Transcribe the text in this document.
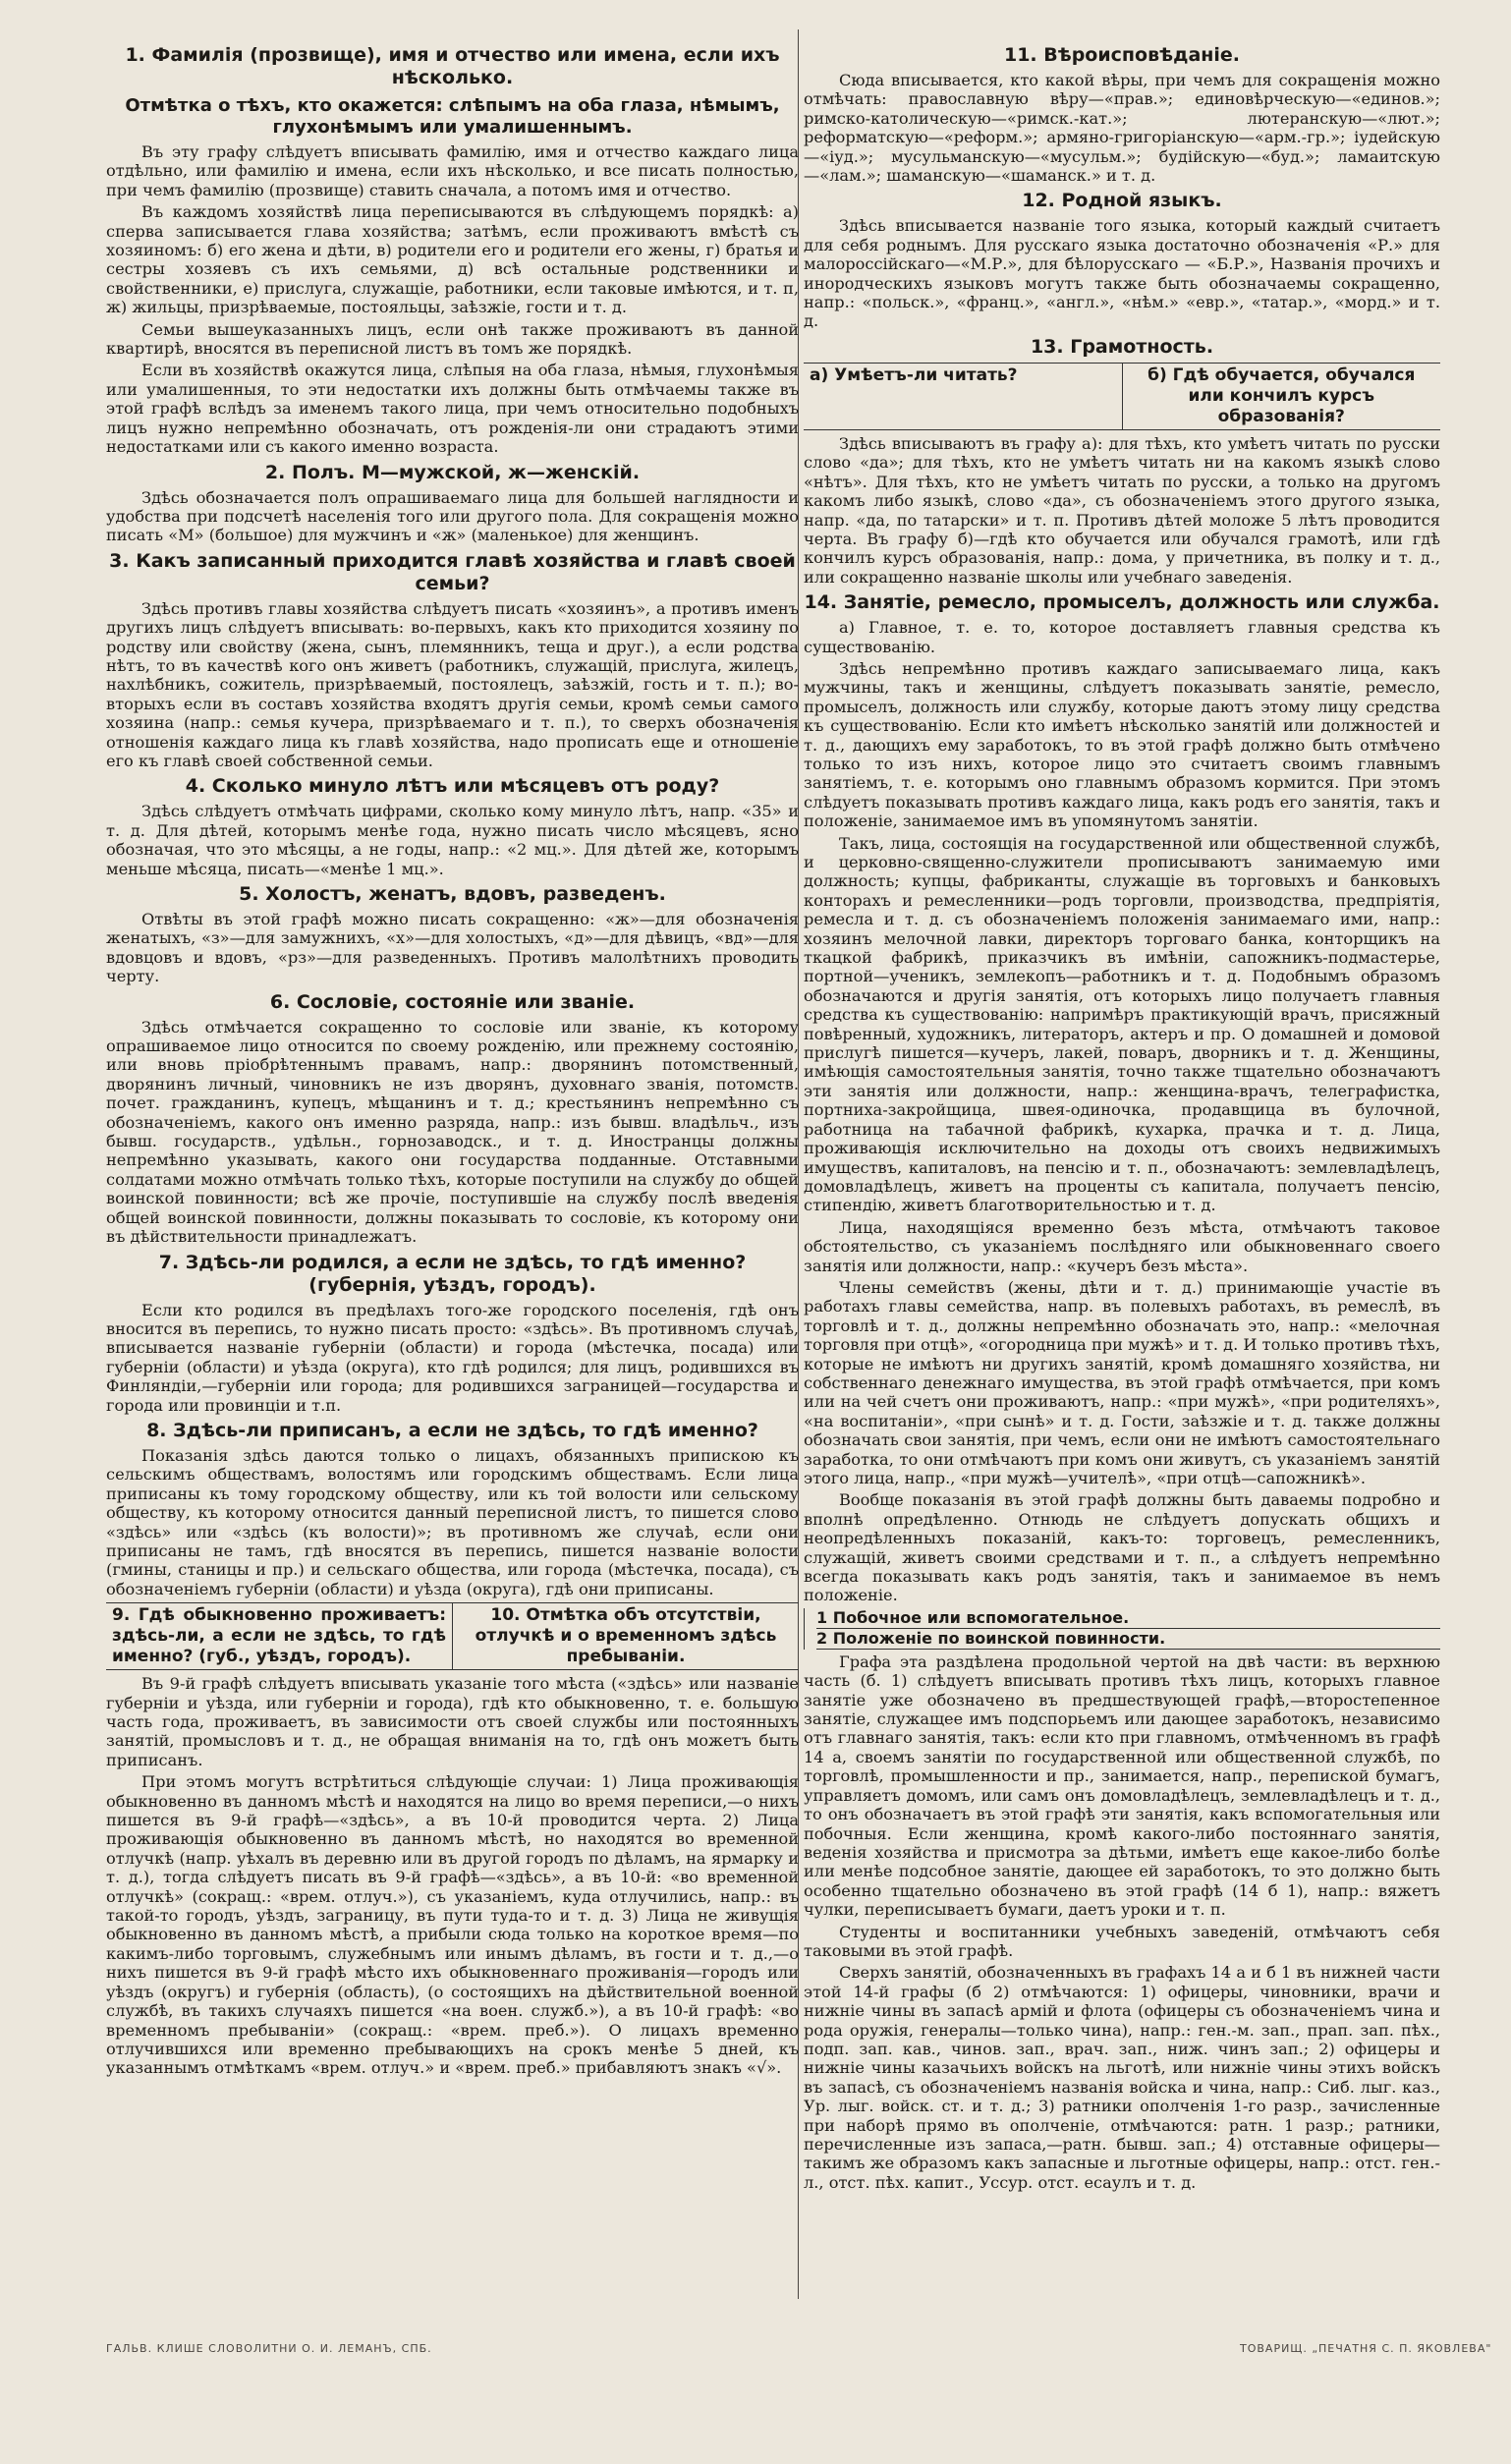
1. Фамилія (прозвище), имя и отчество или имена, если ихъ нѣсколько.
Отмѣтка о тѣхъ, кто окажется: слѣпымъ на оба глаза, нѣмымъ, глухонѣмымъ или умалишеннымъ.

Въ эту графу слѣдуетъ вписывать фамилію, имя и отчество каждаго лица отдѣльно, или фамилію и имена, если ихъ нѣсколько, и все писать полностью, при чемъ фамилію (прозвище) ставить сначала, а потомъ имя и отчество.

Въ каждомъ хозяйствѣ лица переписываются въ слѣдующемъ порядкѣ: а) сперва записывается глава хозяйства; затѣмъ, если проживаютъ вмѣстѣ съ хозяиномъ: б) его жена и дѣти, в) родители его и родители его жены, г) братья и сестры хозяевъ съ ихъ семьями, д) всѣ остальные родственники и свойственники, е) прислуга, служащіе, работники, если таковые имѣются, и т. п, ж) жильцы, призрѣваемые, постояльцы, заѣзжіе, гости и т. д.

Семьи вышеуказанныхъ лицъ, если онѣ также проживаютъ въ данной квартирѣ, вносятся въ переписной листъ въ томъ же порядкѣ.

Если въ хозяйствѣ окажутся лица, слѣпыя на оба глаза, нѣмыя, глухонѣмыя или умалишенныя, то эти недостатки ихъ должны быть отмѣчаемы также въ этой графѣ вслѣдъ за именемъ такого лица, при чемъ относительно подобныхъ лицъ нужно непремѣнно обозначать, отъ рожденія-ли они страдаютъ этими недостатками или съ какого именно возраста.

2. Полъ. М—мужской, ж—женскій.

Здѣсь обозначается полъ опрашиваемаго лица для большей наглядности и удобства при подсчетѣ населенія того или другого пола. Для сокращенія можно писать «М» (большое) для мужчинъ и «ж» (маленькое) для женщинъ.

3. Какъ записанный приходится главѣ хозяйства и главѣ своей семьи?

Здѣсь противъ главы хозяйства слѣдуетъ писать «хозяинъ», а противъ именъ другихъ лицъ слѣдуетъ вписывать: во-первыхъ, какъ кто приходится хозяину по родству или свойству (жена, сынъ, племянникъ, теща и друг.), а если родства нѣтъ, то въ качествѣ кого онъ живетъ (работникъ, служащій, прислуга, жилецъ, нахлѣбникъ, сожитель, призрѣваемый, постоялецъ, заѣзжій, гость и т. п.); во-вторыхъ если въ составъ хозяйства входятъ другія семьи, кромѣ семьи самого хозяина (напр.: семья кучера, призрѣваемаго и т. п.), то сверхъ обозначенія отношенія каждаго лица къ главѣ хозяйства, надо прописать еще и отношеніе его къ главѣ своей собственной семьи.

4. Сколько минуло лѣтъ или мѣсяцевъ отъ роду?

Здѣсь слѣдуетъ отмѣчать цифрами, сколько кому минуло лѣтъ, напр. «35» и т. д. Для дѣтей, которымъ менѣе года, нужно писать число мѣсяцевъ, ясно обозначая, что это мѣсяцы, а не годы, напр.: «2 мц.». Для дѣтей же, которымъ меньше мѣсяца, писать—«менѣе 1 мц.».

5. Холостъ, женатъ, вдовъ, разведенъ.

Отвѣты въ этой графѣ можно писать сокращенно: «ж»—для обозначенія женатыхъ, «з»—для замужнихъ, «х»—для холостыхъ, «д»—для дѣвицъ, «вд»—для вдовцовъ и вдовъ, «рз»—для разведенныхъ. Противъ малолѣтнихъ проводить черту.

6. Сословіе, состояніе или званіе.

Здѣсь отмѣчается сокращенно то сословіе или званіе, къ которому опрашиваемое лицо относится по своему рожденію, или прежнему состоянію, или вновь пріобрѣтеннымъ правамъ, напр.: дворянинъ потомственный, дворянинъ личный, чиновникъ не изъ дворянъ, духовнаго званія, потомств. почет. гражданинъ, купецъ, мѣщанинъ и т. д.; крестьянинъ непремѣнно съ обозначеніемъ, какого онъ именно разряда, напр.: изъ бывш. владѣльч., изъ бывш. государств., удѣльн., горнозаводск., и т. д. Иностранцы должны непремѣнно указывать, какого они государства подданные. Отставными солдатами можно отмѣчать только тѣхъ, которые поступили на службу до общей воинской повинности; всѣ же прочіе, поступившіе на службу послѣ введенія общей воинской повинности, должны показывать то сословіе, къ которому они въ дѣйствительности принадлежатъ.

7. Здѣсь-ли родился, а если не здѣсь, то гдѣ именно? (губернія, уѣздъ, городъ).

Если кто родился въ предѣлахъ того-же городского поселенія, гдѣ онъ вносится въ перепись, то нужно писать просто: «здѣсь». Въ противномъ случаѣ, вписывается названіе губерніи (области) и города (мѣстечка, посада) или губерніи (области) и уѣзда (округа), кто гдѣ родился; для лицъ, родившихся въ Финляндіи,—губерніи или города; для родившихся заграницей—государства и города или провинціи и т.п.

8. Здѣсь-ли приписанъ, а если не здѣсь, то гдѣ именно?

Показанія здѣсь даются только о лицахъ, обязанныхъ припискою къ сельскимъ обществамъ, волостямъ или городскимъ обществамъ. Если лица приписаны къ тому городскому обществу, или къ той волости или сельскому обществу, къ которому относится данный переписной листъ, то пишется слово «здѣсь» или «здѣсь (къ волости)»; въ противномъ же случаѣ, если они приписаны не тамъ, гдѣ вносятся въ перепись, пишется названіе волости (гмины, станицы и пр.) и сельскаго общества, или города (мѣстечка, посада), съ обозначеніемъ губерніи (области) и уѣзда (округа), гдѣ они приписаны.

9. Гдѣ обыкновенно проживаетъ: здѣсь-ли, а если не здѣсь, то гдѣ именно? (губ., уѣздъ, городъ).
10. Отмѣтка объ отсутствіи, отлучкѣ и о временномъ здѣсь пребываніи.

Въ 9-й графѣ слѣдуетъ вписывать указаніе того мѣста («здѣсь» или названіе губерніи и уѣзда, или губерніи и города), гдѣ кто обыкновенно, т. е. большую часть года, проживаетъ, въ зависимости отъ своей службы или постоянныхъ занятій, промысловъ и т. д., не обращая вниманія на то, гдѣ онъ можетъ быть приписанъ.

При этомъ могутъ встрѣтиться слѣдующіе случаи: 1) Лица проживающія обыкновенно въ данномъ мѣстѣ и находятся на лицо во время переписи,—о нихъ пишется въ 9-й графѣ—«здѣсь», а въ 10-й проводится черта. 2) Лица проживающія обыкновенно въ данномъ мѣстѣ, но находятся во временной отлучкѣ (напр. уѣхалъ въ деревню или въ другой городъ по дѣламъ, на ярмарку и т. д.), тогда слѣдуетъ писать въ 9-й графѣ—«здѣсь», а въ 10-й: «во временной отлучкѣ» (сокращ.: «врем. отлуч.»), съ указаніемъ, куда отлучились, напр.: въ такой-то городъ, уѣздъ, заграницу, въ пути туда-то и т. д. 3) Лица не живущія обыкновенно въ данномъ мѣстѣ, а прибыли сюда только на короткое время—по какимъ-либо торговымъ, служебнымъ или инымъ дѣламъ, въ гости и т. д.,—о нихъ пишется въ 9-й графѣ мѣсто ихъ обыкновеннаго проживанія—городъ или уѣздъ (округъ) и губернія (область), (о состоящихъ на дѣйствительной военной службѣ, въ такихъ случаяхъ пишется «на воен. служб.»), а въ 10-й графѣ: «во временномъ пребываніи» (сокращ.: «врем. преб.»). О лицахъ временно отлучившихся или временно пребывающихъ на срокъ менѣе 5 дней, къ указаннымъ отмѣткамъ «врем. отлуч.» и «врем. преб.» прибавляютъ знакъ «√».

11. Вѣроисповѣданіе.

Сюда вписывается, кто какой вѣры, при чемъ для сокращенія можно отмѣчать: православную вѣру—«прав.»; единовѣрческую—«единов.»; римско-католическую—«римск.-кат.»; лютеранскую—«лют.»; реформатскую—«реформ.»; армяно-григоріанскую—«арм.-гр.»; іудейскую—«іуд.»; мусульманскую—«мусульм.»; будійскую—«буд.»; ламаитскую—«лам.»; шаманскую—«шаманск.» и т. д.

12. Родной языкъ.

Здѣсь вписывается названіе того языка, который каждый считаетъ для себя роднымъ. Для русскаго языка достаточно обозначенія «Р.» для малороссійскаго—«М.Р.», для бѣлорусскаго — «Б.Р.», Названія прочихъ и инородческихъ языковъ могутъ также быть обозначаемы сокращенно, напр.: «польск.», «франц.», «англ.», «нѣм.» «евр.», «татар.», «морд.» и т. д.

13. Грамотность.
а) Умѣетъ-ли читать?	б) Гдѣ обучается, обучался или кончилъ курсъ образованія?

Здѣсь вписываютъ въ графу а): для тѣхъ, кто умѣетъ читать по русски слово «да»; для тѣхъ, кто не умѣетъ читать ни на какомъ языкѣ слово «нѣтъ». Для тѣхъ, кто не умѣетъ читать по русски, а только на другомъ какомъ либо языкѣ, слово «да», съ обозначеніемъ этого другого языка, напр. «да, по татарски» и т. п. Противъ дѣтей моложе 5 лѣтъ проводится черта. Въ графу б)—гдѣ кто обучается или обучался грамотѣ, или гдѣ кончилъ курсъ образованія, напр.: дома, у причетника, въ полку и т. д., или сокращенно названіе школы или учебнаго заведенія.

14. Занятіе, ремесло, промыселъ, должность или служба.

а) Главное, т. е. то, которое доставляетъ главныя средства къ существованію.

Здѣсь непремѣнно противъ каждаго записываемаго лица, какъ мужчины, такъ и женщины, слѣдуетъ показывать занятіе, ремесло, промыселъ, должность или службу, которые даютъ этому лицу средства къ существованію. Если кто имѣетъ нѣсколько занятій или должностей и т. д., дающихъ ему заработокъ, то въ этой графѣ должно быть отмѣчено только то изъ нихъ, которое лицо это считаетъ своимъ главнымъ занятіемъ, т. е. которымъ оно главнымъ образомъ кормится. При этомъ слѣдуетъ показывать противъ каждаго лица, какъ родъ его занятія, такъ и положеніе, занимаемое имъ въ упомянутомъ занятіи.

Такъ, лица, состоящія на государственной или общественной службѣ, и церковно-священно-служители прописываютъ занимаемую ими должность; купцы, фабриканты, служащіе въ торговыхъ и банковыхъ конторахъ и ремесленники—родъ торговли, производства, предпріятія, ремесла и т. д. съ обозначеніемъ положенія занимаемаго ими, напр.: хозяинъ мелочной лавки, директоръ торговаго банка, конторщикъ на ткацкой фабрикѣ, приказчикъ въ имѣніи, сапожникъ-подмастерье, портной—ученикъ, землекопъ—работникъ и т. д. Подобнымъ образомъ обозначаются и другія занятія, отъ которыхъ лицо получаетъ главныя средства къ существованію: напримѣръ практикующій врачъ, присяжный повѣренный, художникъ, литераторъ, актеръ и пр. О домашней и домовой прислугѣ пишется—кучеръ, лакей, поваръ, дворникъ и т. д. Женщины, имѣющія самостоятельныя занятія, точно также тщательно обозначаютъ эти занятія или должности, напр.: женщина-врачъ, телеграфистка, портниха-закройщица, швея-одиночка, продавщица въ булочной, работница на табачной фабрикѣ, кухарка, прачка и т. д. Лица, проживающія исключительно на доходы отъ своихъ недвижимыхъ имуществъ, капиталовъ, на пенсію и т. п., обозначаютъ: землевладѣлецъ, домовладѣлецъ, живетъ на проценты съ капитала, получаетъ пенсію, стипендію, живетъ благотворительностью и т. д.

Лица, находящіяся временно безъ мѣста, отмѣчаютъ таковое обстоятельство, съ указаніемъ послѣдняго или обыкновеннаго своего занятія или должности, напр.: «кучеръ безъ мѣста».

Члены семействъ (жены, дѣти и т. д.) принимающіе участіе въ работахъ главы семейства, напр. въ полевыхъ работахъ, въ ремеслѣ, въ торговлѣ и т. д., должны непремѣнно обозначать это, напр.: «мелочная торговля при отцѣ», «огородница при мужѣ» и т. д. И только противъ тѣхъ, которые не имѣютъ ни другихъ занятій, кромѣ домашняго хозяйства, ни собственнаго денежнаго имущества, въ этой графѣ отмѣчается, при комъ или на чей счетъ они проживаютъ, напр.: «при мужѣ», «при родителяхъ», «на воспитаніи», «при сынѣ» и т. д. Гости, заѣзжіе и т. д. также должны обозначать свои занятія, при чемъ, если они не имѣютъ самостоятельнаго заработка, то они отмѣчаютъ при комъ они живутъ, съ указаніемъ занятій этого лица, напр., «при мужѣ—учителѣ», «при отцѣ—сапожникѣ».

Вообще показанія въ этой графѣ должны быть даваемы подробно и вполнѣ опредѣленно. Отнюдь не слѣдуетъ допускать общихъ и неопредѣленныхъ показаній, какъ-то: торговецъ, ремесленникъ, служащій, живетъ своими средствами и т. п., а слѣдуетъ непремѣнно всегда показывать какъ родъ занятія, такъ и занимаемое въ немъ положеніе.

1 Побочное или вспомогательное.
2 Положеніе по воинской повинности.

Графа эта раздѣлена продольной чертой на двѣ части: въ верхнюю часть (б. 1) слѣдуетъ вписывать противъ тѣхъ лицъ, которыхъ главное занятіе уже обозначено въ предшествующей графѣ,—второстепенное занятіе, служащее имъ подспорьемъ или дающее заработокъ, независимо отъ главнаго занятія, такъ: если кто при главномъ, отмѣченномъ въ графѣ 14 а, своемъ занятіи по государственной или общественной службѣ, по торговлѣ, промышленности и пр., занимается, напр., перепиской бумагъ, управляетъ домомъ, или самъ онъ домовладѣлецъ, землевладѣлецъ и т. д., то онъ обозначаетъ въ этой графѣ эти занятія, какъ вспомогательныя или побочныя. Если женщина, кромѣ какого-либо постояннаго занятія, веденія хозяйства и присмотра за дѣтьми, имѣетъ еще какое-либо болѣе или менѣе подсобное занятіе, дающее ей заработокъ, то это должно быть особенно тщательно обозначено въ этой графѣ (14 б 1), напр.: вяжетъ чулки, переписываетъ бумаги, даетъ уроки и т. п.

Студенты и воспитанники учебныхъ заведеній, отмѣчаютъ себя таковыми въ этой графѣ.

Сверхъ занятій, обозначенныхъ въ графахъ 14 а и б 1 въ нижней части этой 14-й графы (б 2) отмѣчаются: 1) офицеры, чиновники, врачи и нижніе чины въ запасѣ армій и флота (офицеры съ обозначеніемъ чина и рода оружія, генералы—только чина), напр.: ген.-м. зап., прап. зап. пѣх., подп. зап. кав., чинов. зап., врач. зап., ниж. чинъ зап.; 2) офицеры и нижніе чины казачьихъ войскъ на льготѣ, или нижніе чины этихъ войскъ въ запасѣ, съ обозначеніемъ названія войска и чина, напр.: Сиб. лыг. каз., Ур. лыг. войск. ст. и т. д.; 3) ратники ополченія 1-го разр., зачисленные при наборѣ прямо въ ополченіе, отмѣчаются: ратн. 1 разр.; ратники, перечисленные изъ запаса,—ратн. бывш. зап.; 4) отставные офицеры—такимъ же образомъ какъ запасные и льготные офицеры, напр.: отст. ген.-л., отст. пѣх. капит., Уссур. отст. есаулъ и т. д.

ГАЛЬВ. КЛИШЕ СЛОВОЛИТНИ О. И. ЛЕМАНЪ, СПБ.	ТОВАРИЩ. „ПЕЧАТНЯ С. П. ЯКОВЛЕВА"
